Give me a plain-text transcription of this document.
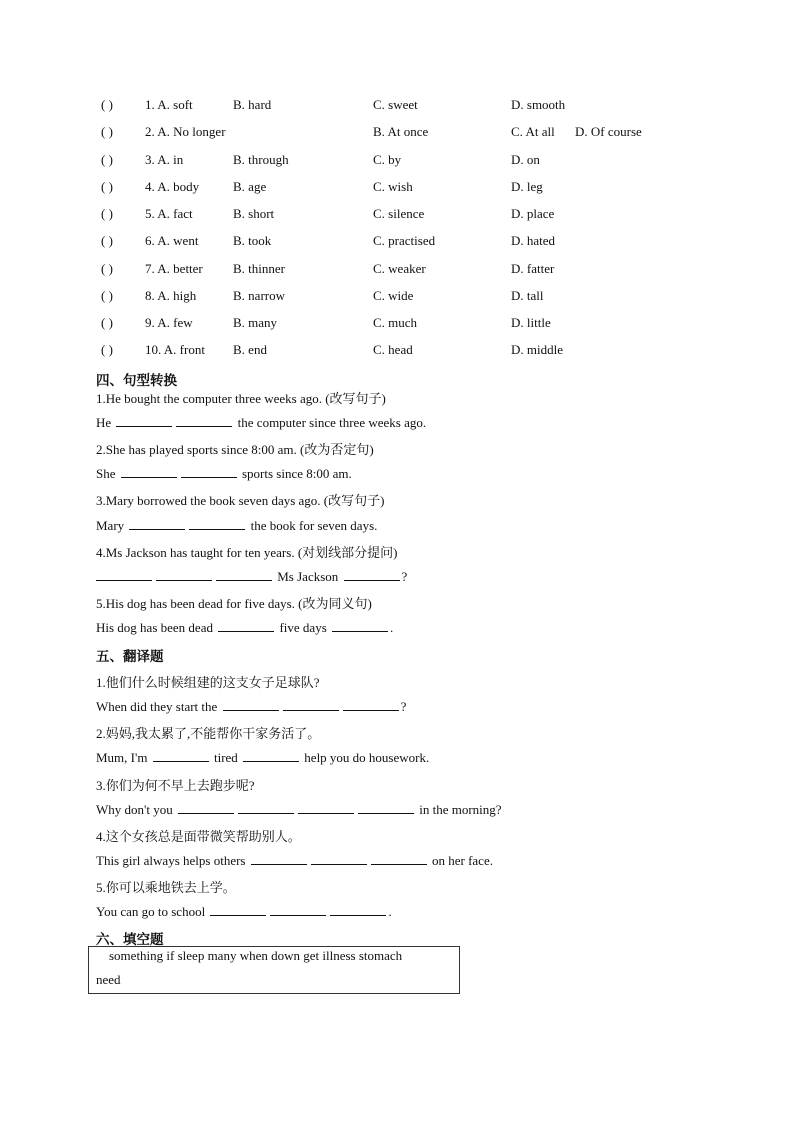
( ) 1. A. soft	B. hard	C. sweet	D. smooth
( ) 2. A. No longer	B. At once	C. At all D. Of course
( ) 3. A. in	B. through	C. by	D. on
( ) 4. A. body	B. age	C. wish	D. leg
( ) 5. A. fact	B. short	C. silence	D. place
( ) 6. A. went	B. took	C. practised	D. hated
( ) 7. A. better B. thinner	C. weaker	D. fatter
( ) 8. A. high	B. narrow	C. wide	D. tall
( ) 9. A. few	B. many	C. much	D. little
( ) 10. A. front B. end	C. head	D. middle
四、句型转换
1.He bought the computer three weeks ago. (改写句子)
He	the computer since three weeks ago.
2.She has played sports since 8:00 am. (改为否定句)
She	sports since 8:00 am.
3.Mary borrowed the book seven days ago. (改写句子)
Mary	the book for seven days.
4.Ms Jackson has taught for ten years. (对划线部分提问)
Ms Jackson	?
5.His dog has been dead for five days. (改为同义句)
His dog has been dead	five days	.
五、翻译题
1.他们什么时候组建的这支女子足球队?
When did they start the	?
2.妈妈,我太累了,不能帮你干家务活了。
Mum, I'm	tired	help you do housework.
3.你们为何不早上去跑步呢?
Why don't you	in the morning?
4.这个女孩总是面带微笑帮助别人。
This girl always helps others	on her face.
5.你可以乘地铁去上学。
You can go to school	.
六、填空题
something if sleep many when down get illness stomach
need
